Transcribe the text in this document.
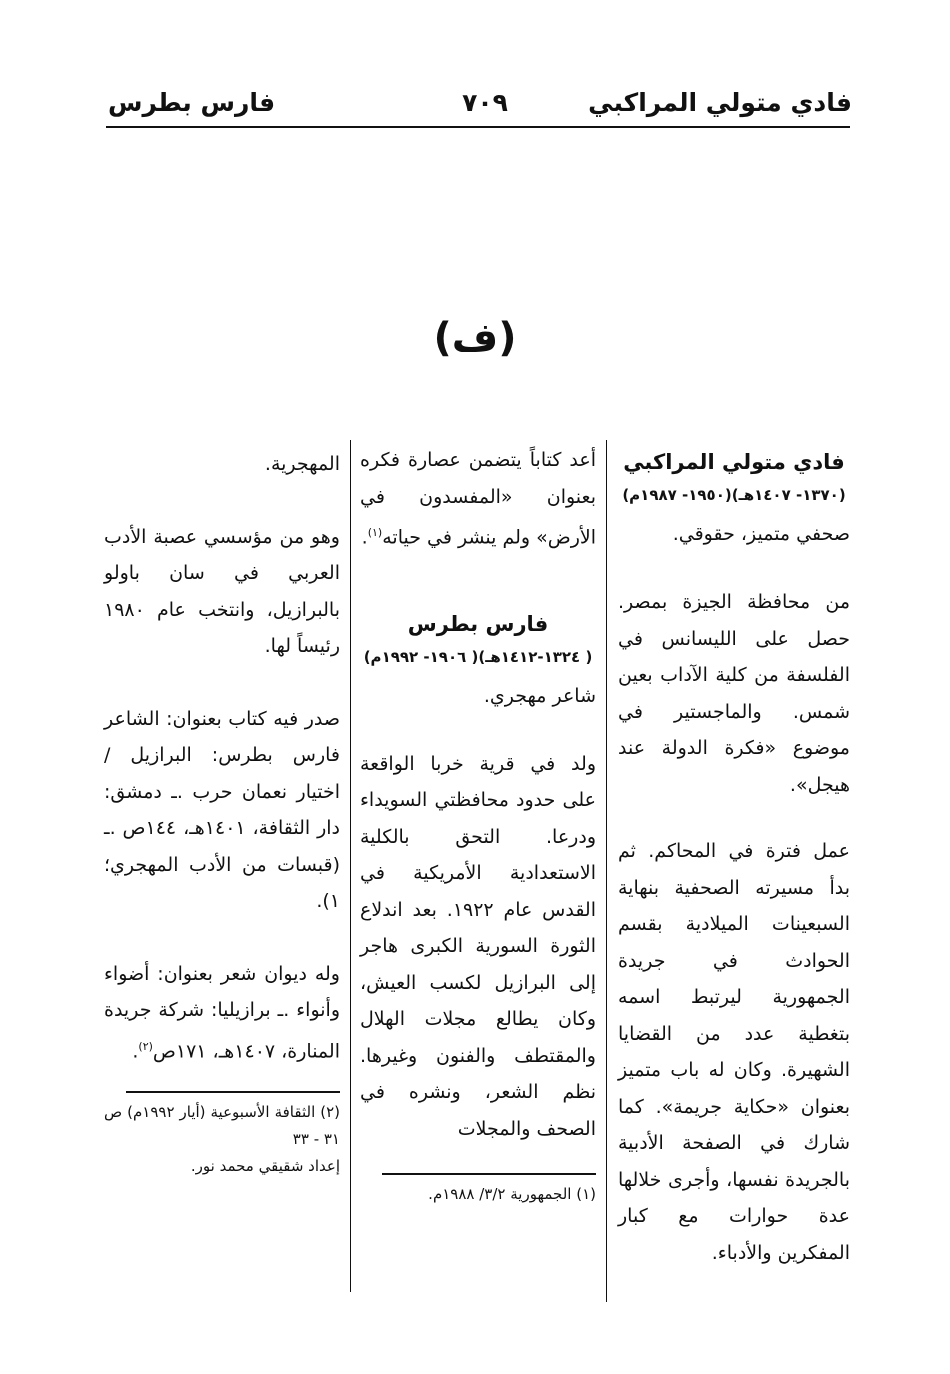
فادي متولي المراكبي
٧٠٩
فارس بطرس
(ف)

فادي متولي المراكبي

(١٣٧٠- ١٤٠٧هـ)(١٩٥٠- ١٩٨٧م)

صحفي متميز، حقوقي.

من محافظة الجيزة بمصر. حصل على الليسانس في الفلسفة من كلية الآداب بعين شمس. والماجستير في موضوع «فكرة الدولة عند هيجل».

عمل فترة في المحاكم. ثم بدأ مسيرته الصحفية بنهاية السبعينات الميلادية بقسم الحوادث في جريدة الجمهورية ليرتبط اسمه بتغطية عدد من القضايا الشهيرة. وكان له باب متميز بعنوان «حكاية جريمة». كما شارك في الصفحة الأدبية بالجريدة نفسها، وأجرى خلالها عدة حوارات مع كبار المفكرين والأدباء.

أعد كتاباً يتضمن عصارة فكره بعنوان «المفسدون في الأرض» ولم ينشر في حياته$^{(١)}$.

فارس بطرس

( ١٣٢٤-١٤١٢هـ)( ١٩٠٦- ١٩٩٢م)

شاعر مهجري.

ولد في قرية خربا الواقعة على حدود محافظتي السويداء ودرعا. التحق بالكلية الاستعدادية الأمريكية في القدس عام ١٩٢٢. بعد اندلاع الثورة السورية الكبرى هاجر إلى البرازيل لكسب العيش، وكان يطالع مجلات الهلال والمقتطف والفنون وغيرها. نظم الشعر، ونشره في الصحف والمجلات

(١) الجمهورية ٣/٢/ ١٩٨٨م.

المهجرية.

وهو من مؤسسي عصبة الأدب العربي في سان باولو بالبرازيل، وانتخب عام ١٩٨٠ رئيساً لها.

صدر فيه كتاب بعنوان: الشاعر فارس بطرس: البرازيل / اختيار نعمان حرب .ـ دمشق: دار الثقافة، ١٤٠١هـ، ١٤٤ص .ـ (قبسات من الأدب المهجري؛ ١).

وله ديوان شعر بعنوان: أضواء وأنواء .ـ برازيليا: شركة جريدة المنارة، ١٤٠٧هـ، ١٧١ص$^{(٢)}$.

(٢) الثقافة الأسبوعية (أيار ١٩٩٢م) ص ٣١ - ٣٣

إعداد شقيقي محمد نور.
